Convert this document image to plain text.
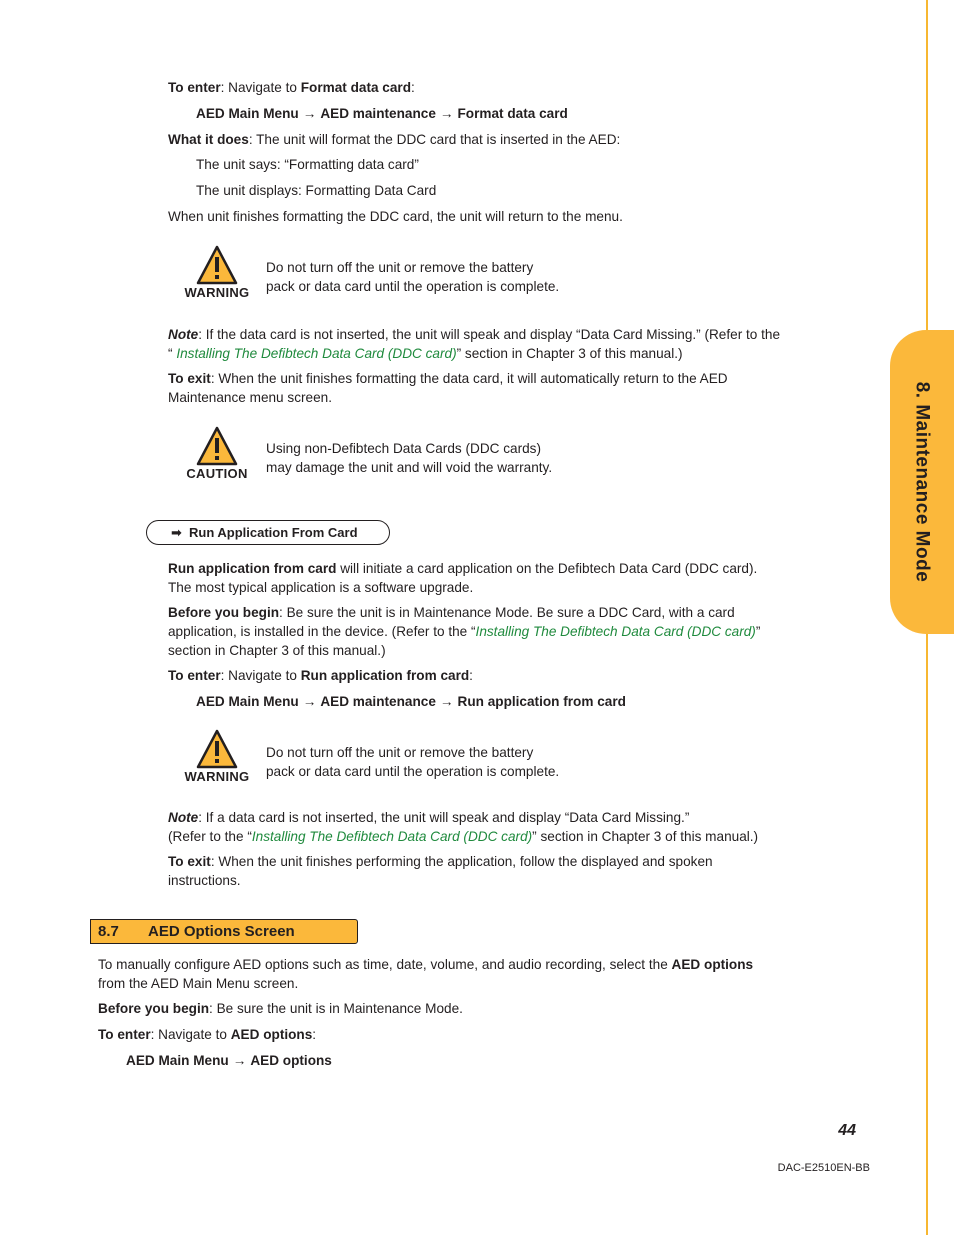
8. Maintenance Mode
To enter: Navigate to Format data card:
AED Main Menu → AED maintenance → Format data card
What it does: The unit will format the DDC card that is inserted in the AED:
The unit says: “Formatting data card”
The unit displays: Formatting Data Card
When unit finishes formatting the DDC card, the unit will return to the menu.
WARNING
Do not turn off the unit or remove the battery
pack or data card until the operation is complete.
Note: If the data card is not inserted, the unit will speak and display “Data Card Missing.” (Refer to the
“ Installing The Defibtech Data Card (DDC card)” section in Chapter 3 of this manual.)
To exit: When the unit finishes formatting the data card, it will automatically return to the AED
Maintenance menu screen.
CAUTION
Using non-Defibtech Data Cards (DDC cards)
may damage the unit and will void the warranty.
➡ Run Application From Card
Run application from card will initiate a card application on the Defibtech Data Card (DDC card).
The most typical application is a software upgrade.
Before you begin: Be sure the unit is in Maintenance Mode. Be sure a DDC Card, with a card
application, is installed in the device. (Refer to the “Installing The Defibtech Data Card (DDC card)”
section in Chapter 3 of this manual.)
To enter: Navigate to Run application from card:
AED Main Menu → AED maintenance → Run application from card
WARNING
Do not turn off the unit or remove the battery
pack or data card until the operation is complete.
Note: If a data card is not inserted, the unit will speak and display “Data Card Missing.”
(Refer to the “Installing The Defibtech Data Card (DDC card)” section in Chapter 3 of this manual.)
To exit: When the unit finishes performing the application, follow the displayed and spoken
instructions.
8.7 AED Options Screen
To manually configure AED options such as time, date, volume, and audio recording, select the AED options
from the AED Main Menu screen.
Before you begin: Be sure the unit is in Maintenance Mode.
To enter: Navigate to AED options:
AED Main Menu → AED options
44
DAC-E2510EN-BB
